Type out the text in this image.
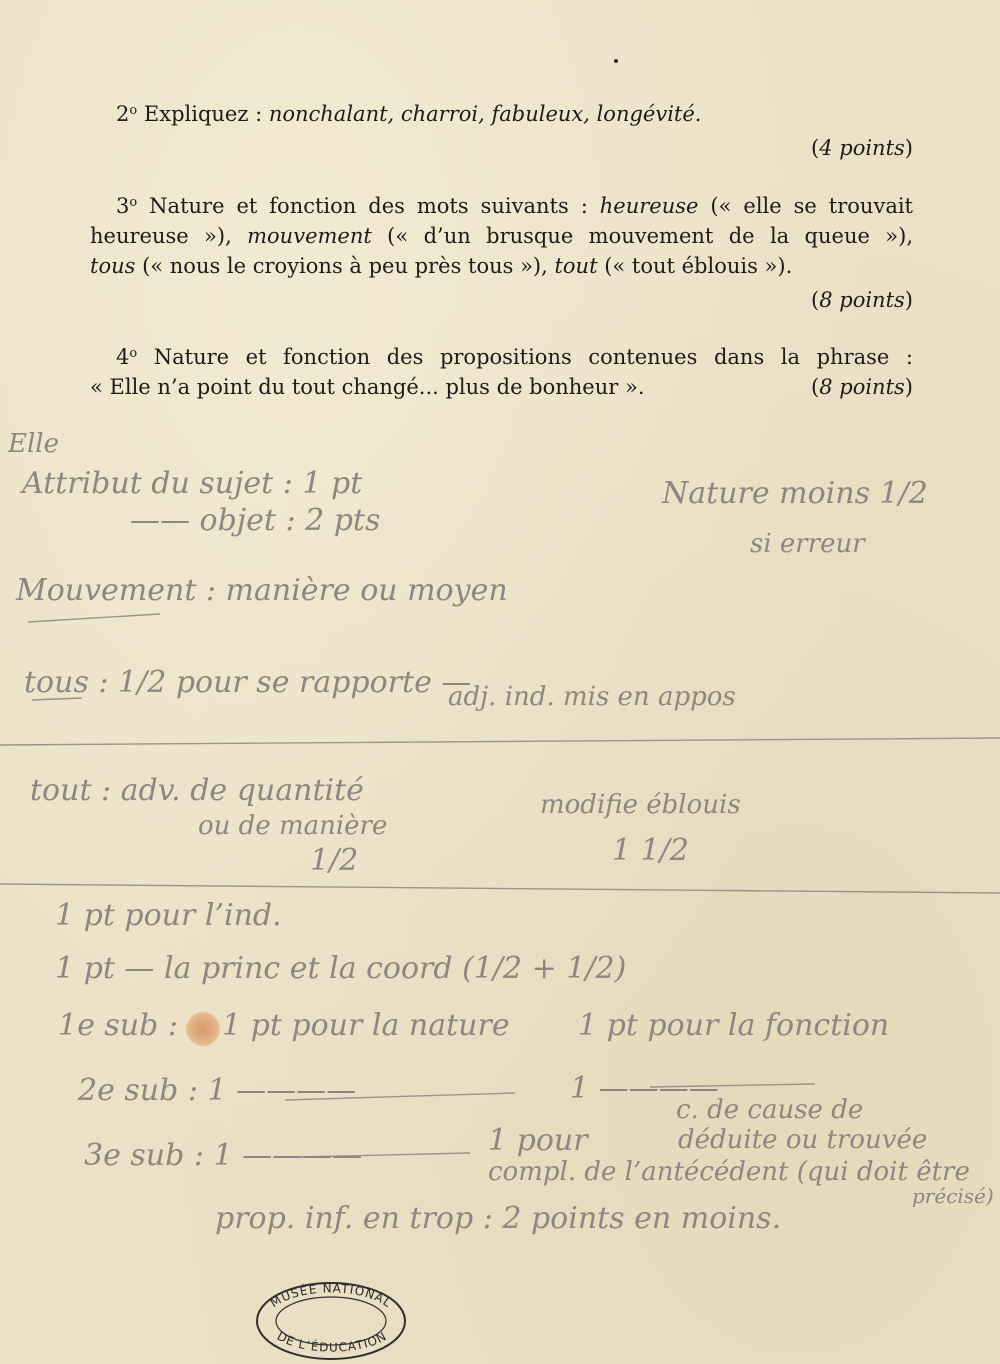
2$^o$ Expliquez : nonchalant, charroi, fabuleux, longévité.
(4 points)
3$^o$ Nature et fonction des mots suivants : heureuse (« elle se trouvait
heureuse »), mouvement (« d’un brusque mouvement de la queue »),
tous (« nous le croyions à peu près tous »), tout (« tout éblouis »).
(8 points)
4$^o$ Nature et fonction des propositions contenues dans la phrase :
« Elle n’a point du tout changé... plus de bonheur ».	(8 points)
Elle
Attribut du sujet : 1 pt
—— objet : 2 pts
Nature moins 1/2
si erreur
Mouvement : manière ou moyen
tous : 1/2 pour se rapporte —
adj. ind. mis en appos
tout : adv. de quantité
ou de manière
1/2
modifie éblouis
1 1/2
1 pt pour l’ind.
1 pt — la princ et la coord (1/2 + 1/2)
1e sub : 1 pt pour la nature 1 pt pour la fonction
2e sub : 1 ————	1 ————
c. de cause de
3e sub : 1 ————	1 pour	déduite ou trouvée
compl. de l’antécédent (qui doit être
précisé)
prop. inf. en trop : 2 points en moins.
MUSÉE NATIONAL
DE L’ÉDUCATION
